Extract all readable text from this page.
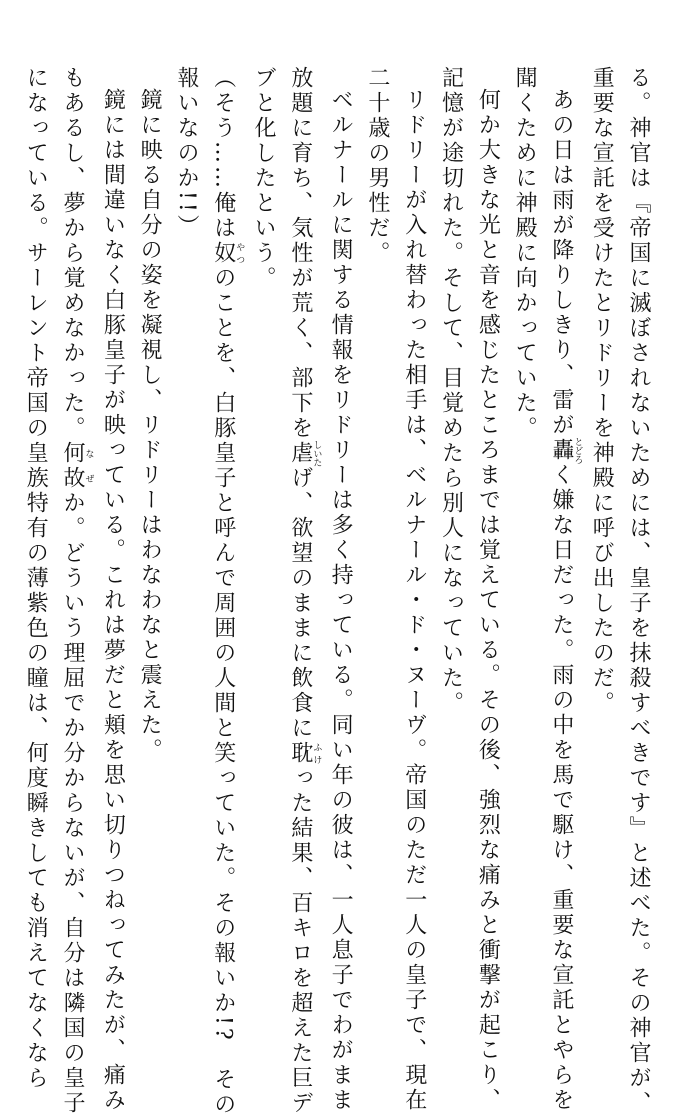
る。神官は『帝国に滅ぼされないためには、皇子を抹殺すべきです』と述べた。その神官が、

重要な宣託を受けたとリドリーを神殿に呼び出したのだ。

あの日は雨が降りしきり、雷が轟とどろく嫌な日だった。雨の中を馬で駆け、重要な宣託とやらを

聞くために神殿に向かっていた。

何か大きな光と音を感じたところまでは覚えている。その後、強烈な痛みと衝撃が起こり、

記憶が途切れた。そして、目覚めたら別人になっていた。

リドリーが入れ替わった相手は、ベルナール・ド・ヌーヴ。帝国のただ一人の皇子で、現在

二十歳の男性だ。

ベルナールに関する情報をリドリーは多く持っている。同い年の彼は、一人息子でわがまま

放題に育ち、気性が荒く、部下を虐しいたげ、欲望のままに飲食に耽ふけった結果、百キロを超えた巨デ

ブと化したという。

（そう……俺は奴やつのことを、白豚皇子と呼んで周囲の人間と笑っていた。その報いか!?　その

報いなのか!!）

鏡に映る自分の姿を凝視し、リドリーはわなわなと震えた。

鏡には間違いなく白豚皇子が映っている。これは夢だと頬を思い切りつねってみたが、痛み

もあるし、夢から覚めなかった。何故なぜか。どういう理屈でか分からないが、自分は隣国の皇子

になっている。サーレント帝国の皇族特有の薄紫色の瞳は、何度瞬きしても消えてなくなら
